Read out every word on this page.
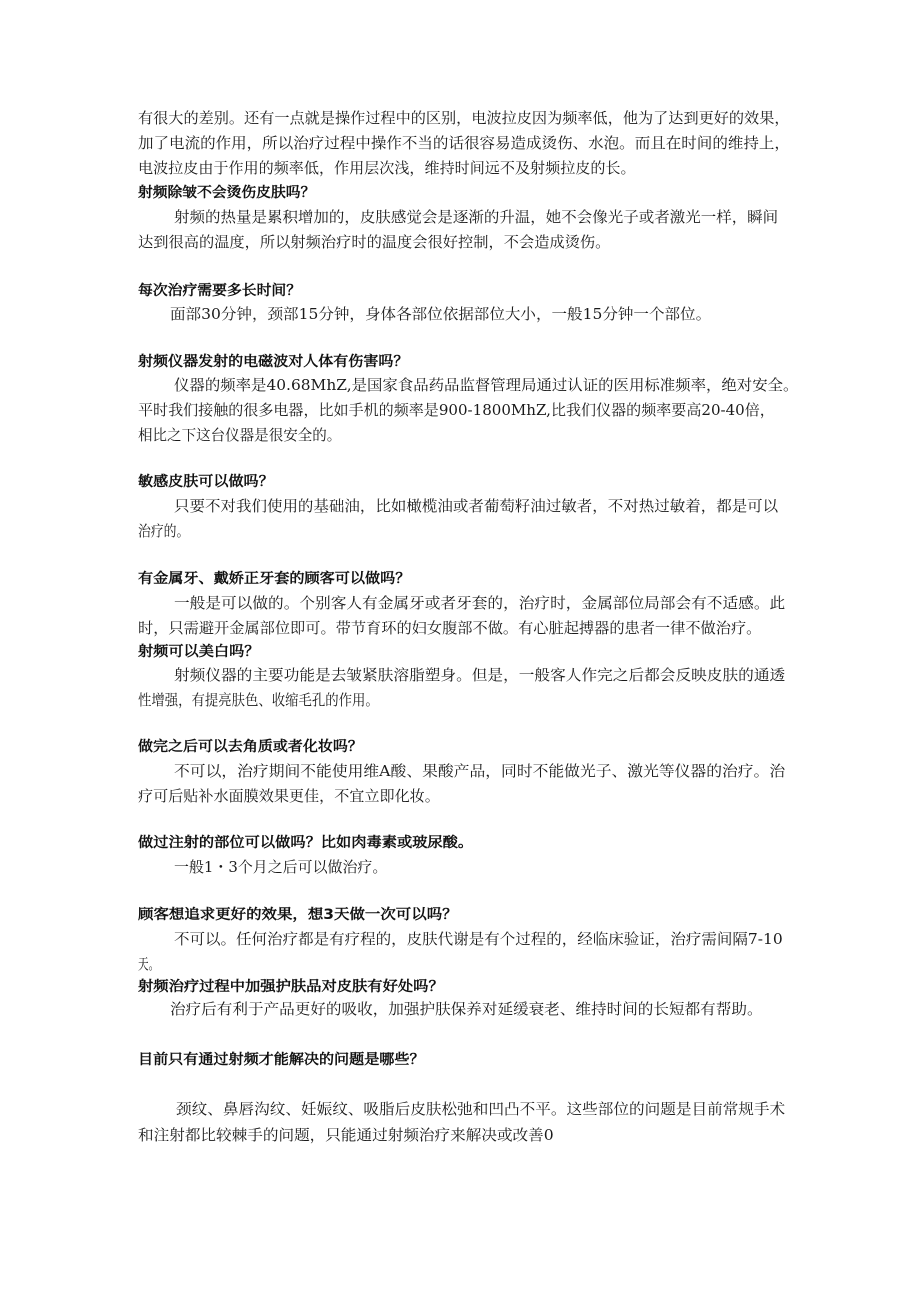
有很大的差别。还有一点就是操作过程中的区别，电波拉皮因为频率低，他为了达到更好的效果，
加了电流的作用，所以治疗过程中操作不当的话很容易造成烫伤、水泡。而且在时间的维持上，
电波拉皮由于作用的频率低，作用层次浅，维持时间远不及射频拉皮的长。
射频除皱不会烫伤皮肤吗？
射频的热量是累积增加的，皮肤感觉会是逐渐的升温，她不会像光子或者激光一样，瞬间
达到很高的温度，所以射频治疗时的温度会很好控制，不会造成烫伤。
每次治疗需要多长时间？
面部30分钟，颈部15分钟，身体各部位依据部位大小，一般15分钟一个部位。
射频仪器发射的电磁波对人体有伤害吗？
仪器的频率是40.68MhZ,是国家食品药品监督管理局通过认证的医用标准频率，绝对安全。
平时我们接触的很多电器，比如手机的频率是900-1800MhZ,比我们仪器的频率要高20-40倍，
相比之下这台仪器是很安全的。
敏感皮肤可以做吗？
只要不对我们使用的基础油，比如橄榄油或者葡萄籽油过敏者，不对热过敏着，都是可以
治疗的。
有金属牙、戴娇正牙套的顾客可以做吗？
一般是可以做的。个别客人有金属牙或者牙套的，治疗时，金属部位局部会有不适感。此
时，只需避开金属部位即可。带节育环的妇女腹部不做。有心脏起搏器的患者一律不做治疗。
射频可以美白吗？
射频仪器的主要功能是去皱紧肤溶脂塑身。但是，一般客人作完之后都会反映皮肤的通透
性增强，有提亮肤色、收缩毛孔的作用。
做完之后可以去角质或者化妆吗？
不可以，治疗期间不能使用维A酸、果酸产品，同时不能做光子、激光等仪器的治疗。治
疗可后贴补水面膜效果更佳，不宜立即化妆。
做过注射的部位可以做吗？比如肉毒素或玻尿酸。
一般1・3个月之后可以做治疗。
顾客想追求更好的效果，想3天做一次可以吗？
不可以。任何治疗都是有疗程的，皮肤代谢是有个过程的，经临床验证，治疗需间隔7-10
天。
射频治疗过程中加强护肤品对皮肤有好处吗？
治疗后有利于产品更好的吸收，加强护肤保养对延缓衰老、维持时间的长短都有帮助。
目前只有通过射频才能解决的问题是哪些？
颈纹、鼻唇沟纹、妊娠纹、吸脂后皮肤松弛和凹凸不平。这些部位的问题是目前常规手术
和注射都比较棘手的问题，只能通过射频治疗来解决或改善0
